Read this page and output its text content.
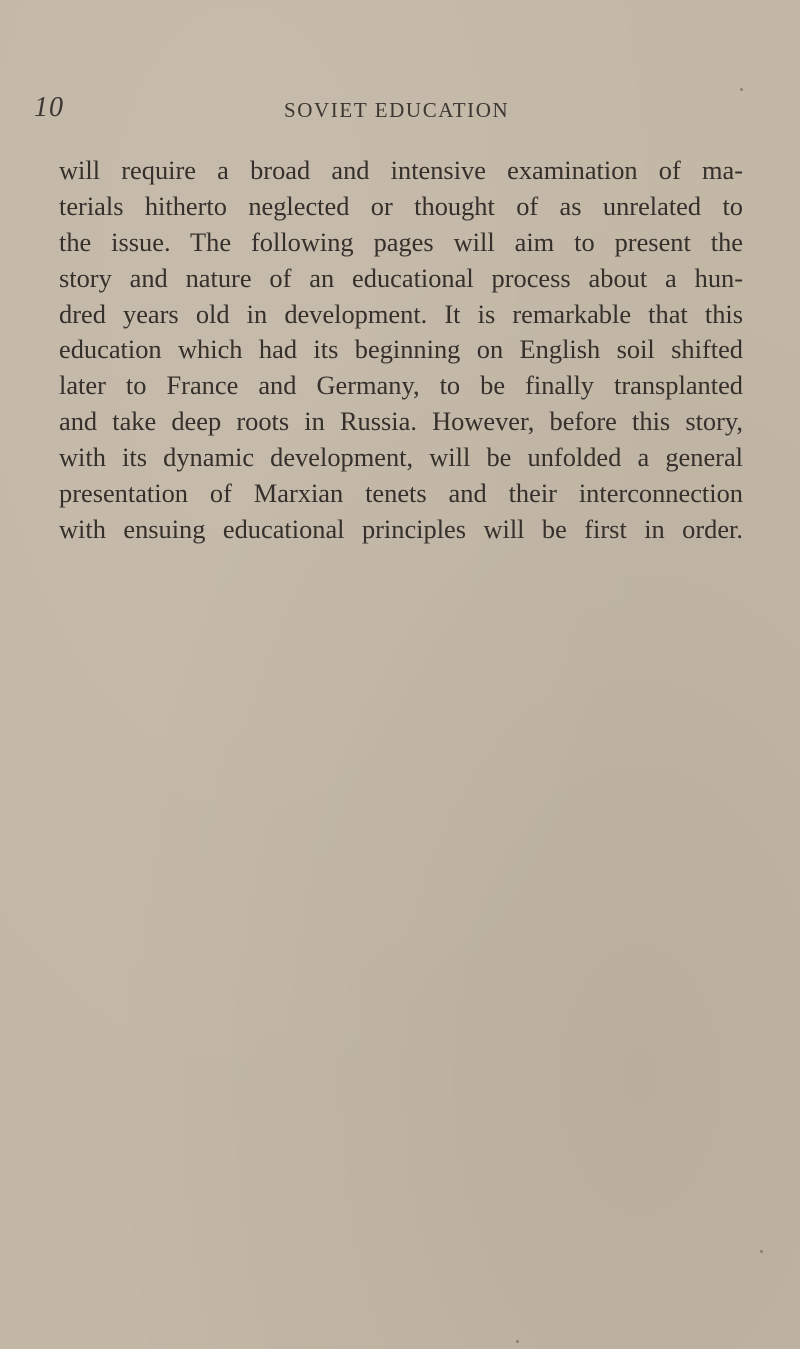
10	SOVIET EDUCATION
will require a broad and intensive examination of ma-
terials hitherto neglected or thought of as unrelated to
the issue. The following pages will aim to present the
story and nature of an educational process about a hun-
dred years old in development. It is remarkable that this
education which had its beginning on English soil shifted
later to France and Germany, to be finally transplanted
and take deep roots in Russia. However, before this story,
with its dynamic development, will be unfolded a general
presentation of Marxian tenets and their interconnection
with ensuing educational principles will be first in order.
